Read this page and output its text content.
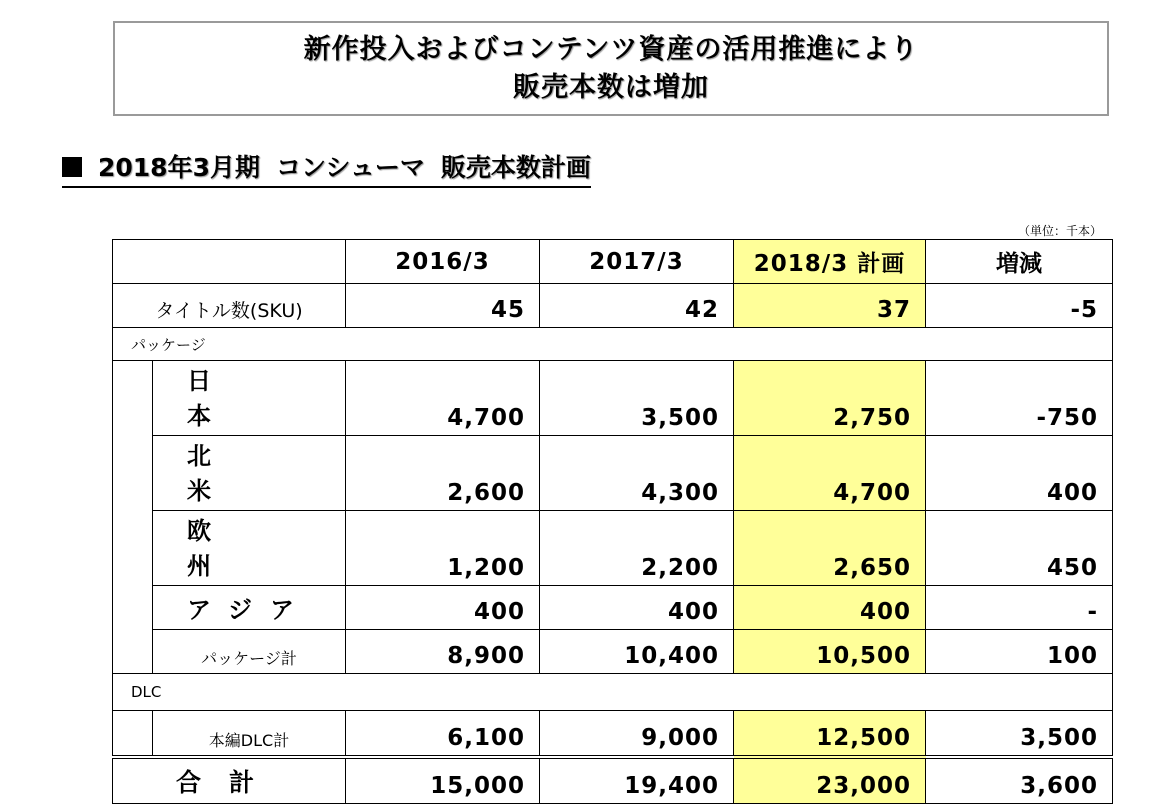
新作投入およびコンテンツ資産の活用推進により
販売本数は増加
2018年3月期 コンシューマ 販売本数計画
（単位：千本）
		2016/3	2017/3	2018/3 計画	増減
タイトル数(SKU)		45	42	37	-5
パッケージ					
	日　本	4,700	3,500	2,750	-750
	北　米	2,600	4,300	4,700	400
	欧　州	1,200	2,200	2,650	450
	アジア	400	400	400	-
	パッケージ計	8,900	10,400	10,500	100
DLC					
	本編DLC計	6,100	9,000	12,500	3,500
合計		15,000	19,400	23,000	3,600
